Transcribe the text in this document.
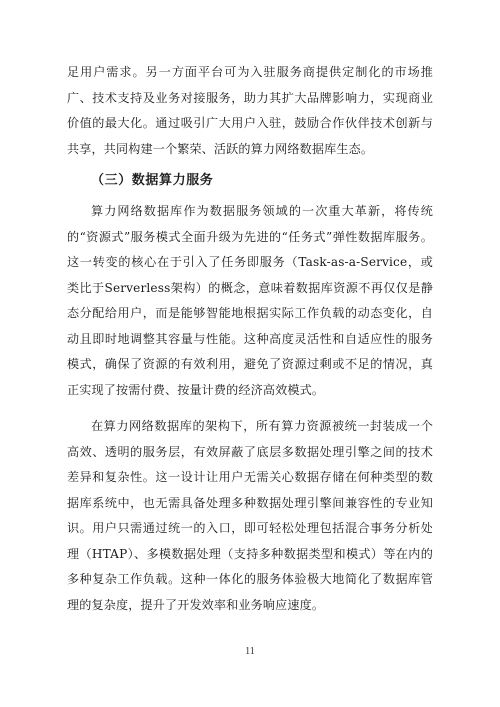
足用户需求。另一方面平台可为入驻服务商提供定制化的市场推广、技术支持及业务对接服务，助力其扩大品牌影响力，实现商业价值的最大化。通过吸引广大用户入驻，鼓励合作伙伴技术创新与共享，共同构建一个繁荣、活跃的算力网络数据库生态。

（三）数据算力服务

算力网络数据库作为数据服务领域的一次重大革新，将传统的“资源式”服务模式全面升级为先进的“任务式”弹性数据库服务。这一转变的核心在于引入了任务即服务（Task-as-a-Service，或类比于Serverless架构）的概念，意味着数据库资源不再仅仅是静态分配给用户，而是能够智能地根据实际工作负载的动态变化，自动且即时地调整其容量与性能。这种高度灵活性和自适应性的服务模式，确保了资源的有效利用，避免了资源过剩或不足的情况，真正实现了按需付费、按量计费的经济高效模式。

在算力网络数据库的架构下，所有算力资源被统一封装成一个高效、透明的服务层，有效屏蔽了底层多数据处理引擎之间的技术差异和复杂性。这一设计让用户无需关心数据存储在何种类型的数据库系统中，也无需具备处理多种数据处理引擎间兼容性的专业知识。用户只需通过统一的入口，即可轻松处理包括混合事务分析处理（HTAP）、多模数据处理（支持多种数据类型和模式）等在内的多种复杂工作负载。这种一体化的服务体验极大地简化了数据库管理的复杂度，提升了开发效率和业务响应速度。

11
